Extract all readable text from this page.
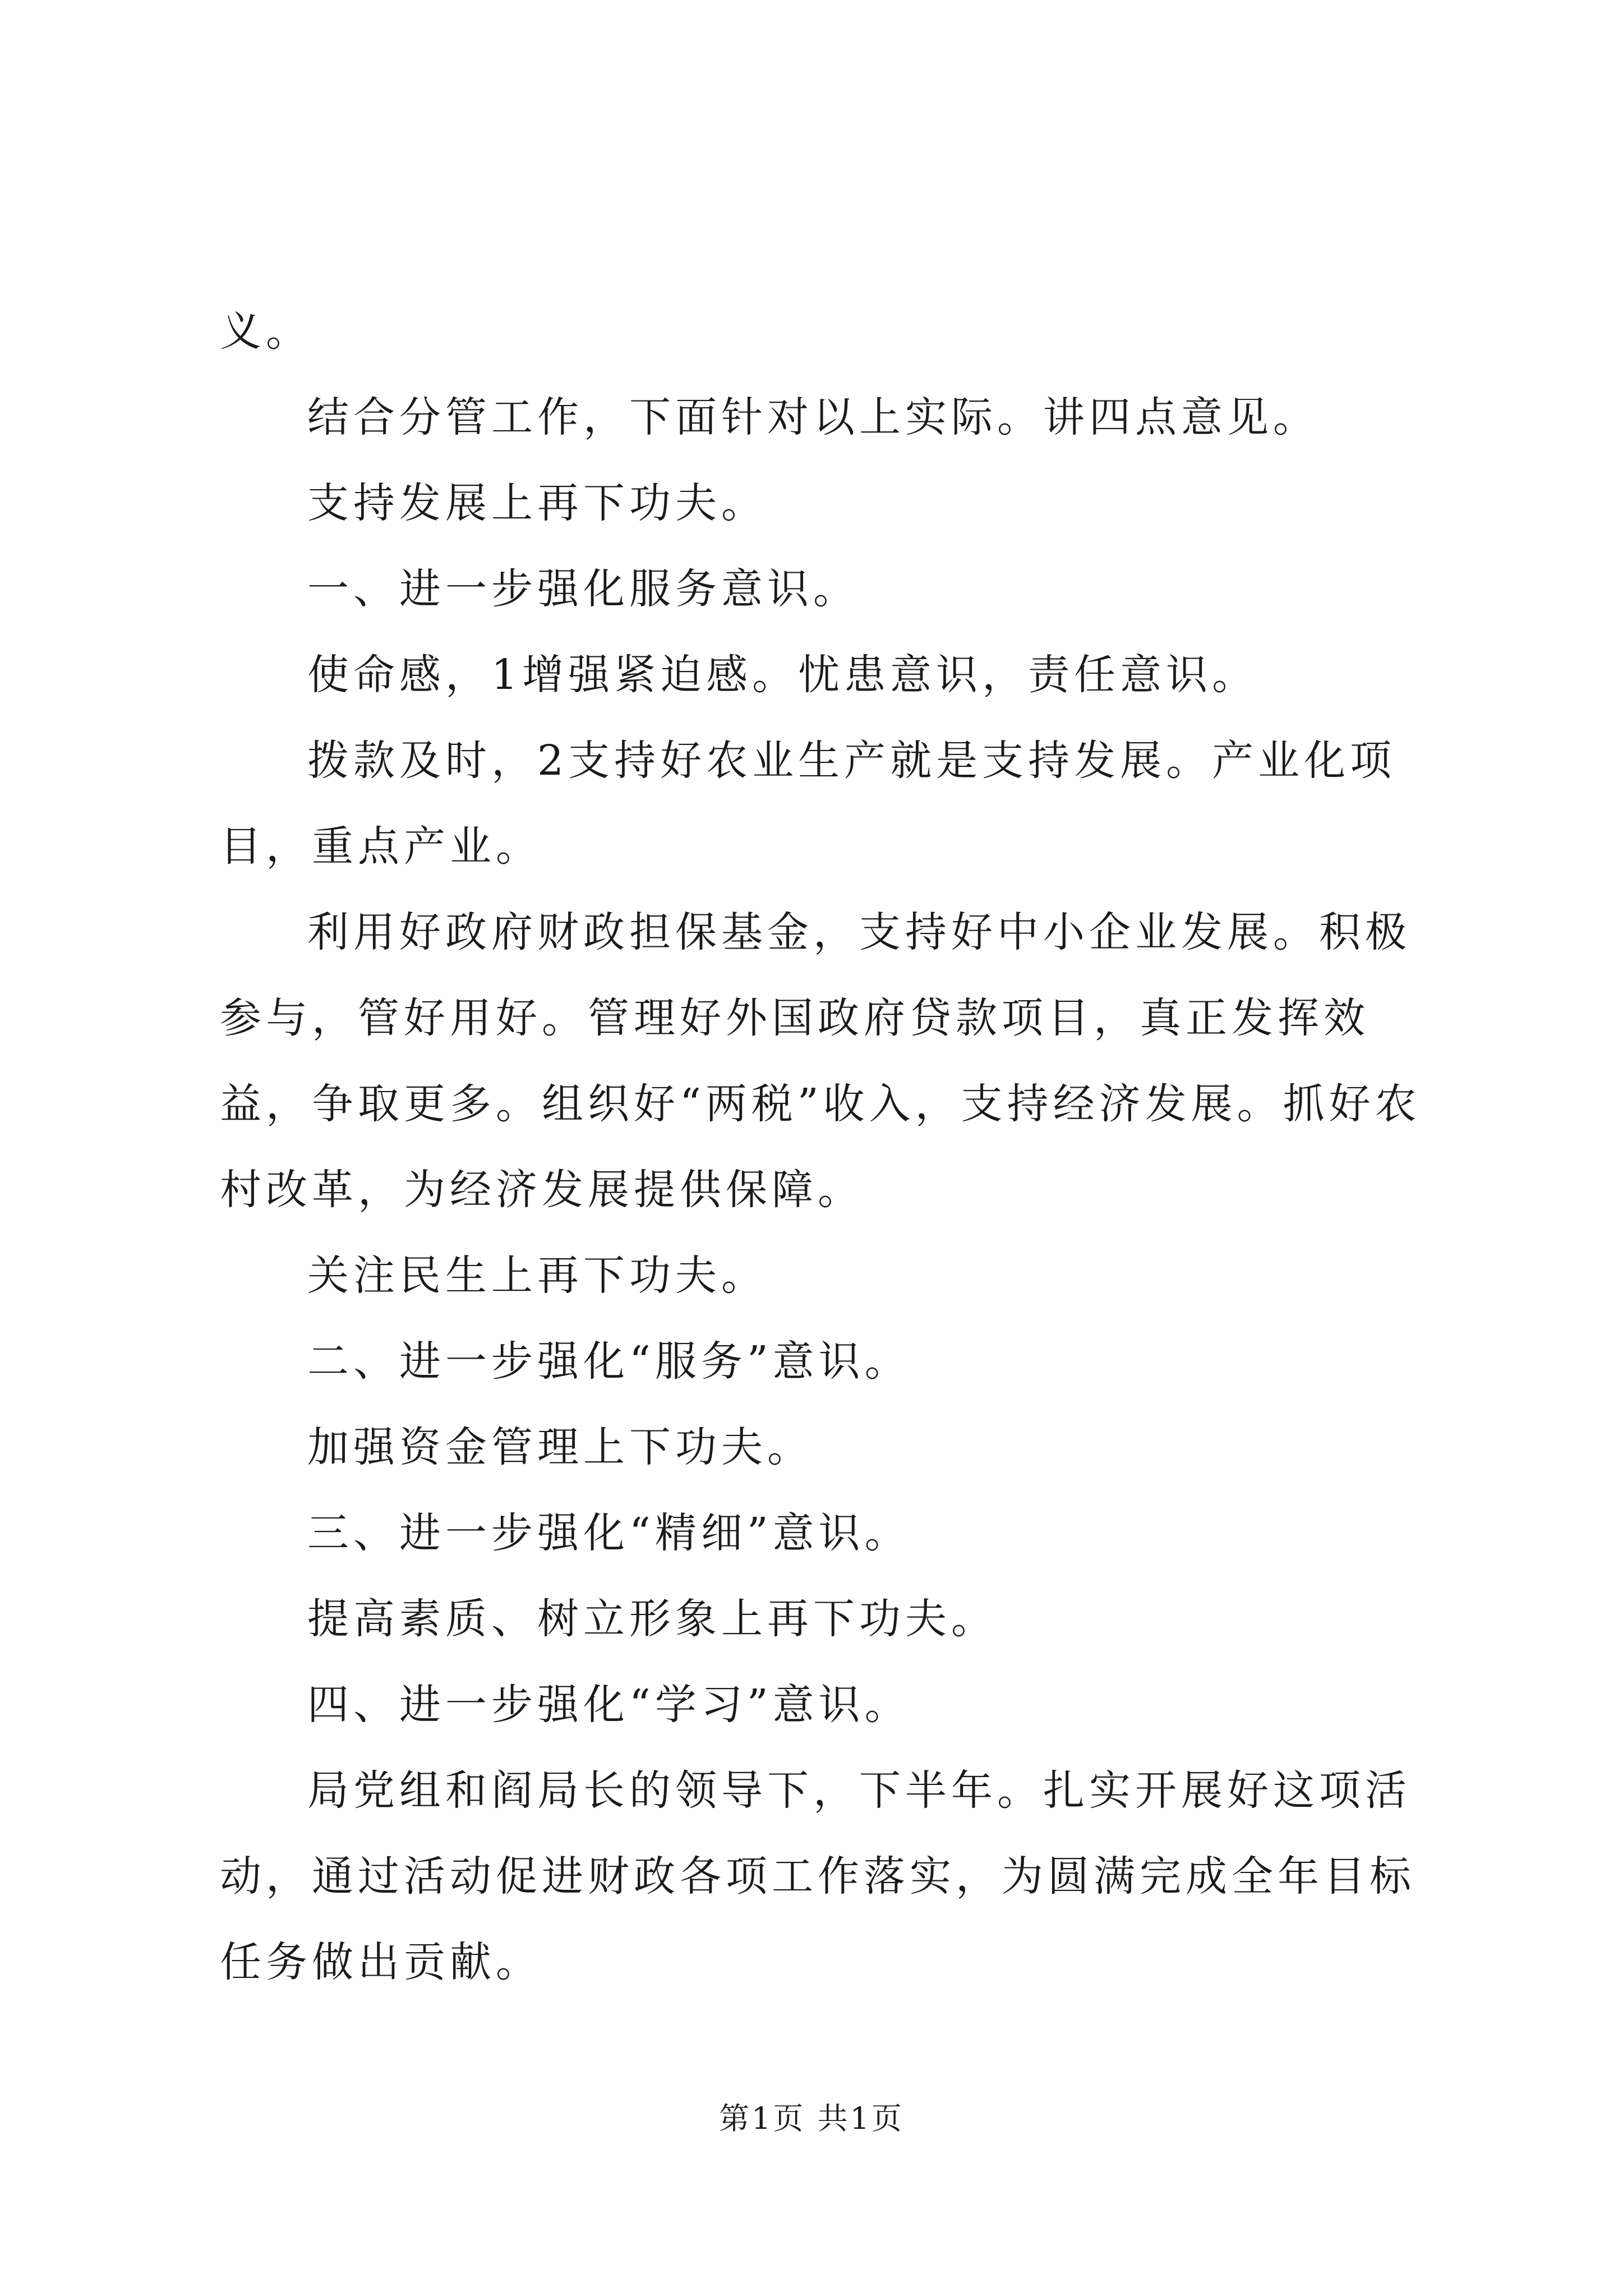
义。

结合分管工作，下面针对以上实际。讲四点意见。

支持发展上再下功夫。

一、进一步强化服务意识。

使命感，1增强紧迫感。忧患意识，责任意识。

拨款及时，2支持好农业生产就是支持发展。产业化项目，重点产业。

利用好政府财政担保基金，支持好中小企业发展。积极参与，管好用好。管理好外国政府贷款项目，真正发挥效益，争取更多。组织好“两税”收入，支持经济发展。抓好农村改革，为经济发展提供保障。

关注民生上再下功夫。

二、进一步强化“服务”意识。

加强资金管理上下功夫。

三、进一步强化“精细”意识。

提高素质、树立形象上再下功夫。

四、进一步强化“学习”意识。

局党组和阎局长的领导下，下半年。扎实开展好这项活动，通过活动促进财政各项工作落实，为圆满完成全年目标任务做出贡献。

第1页 共1页
